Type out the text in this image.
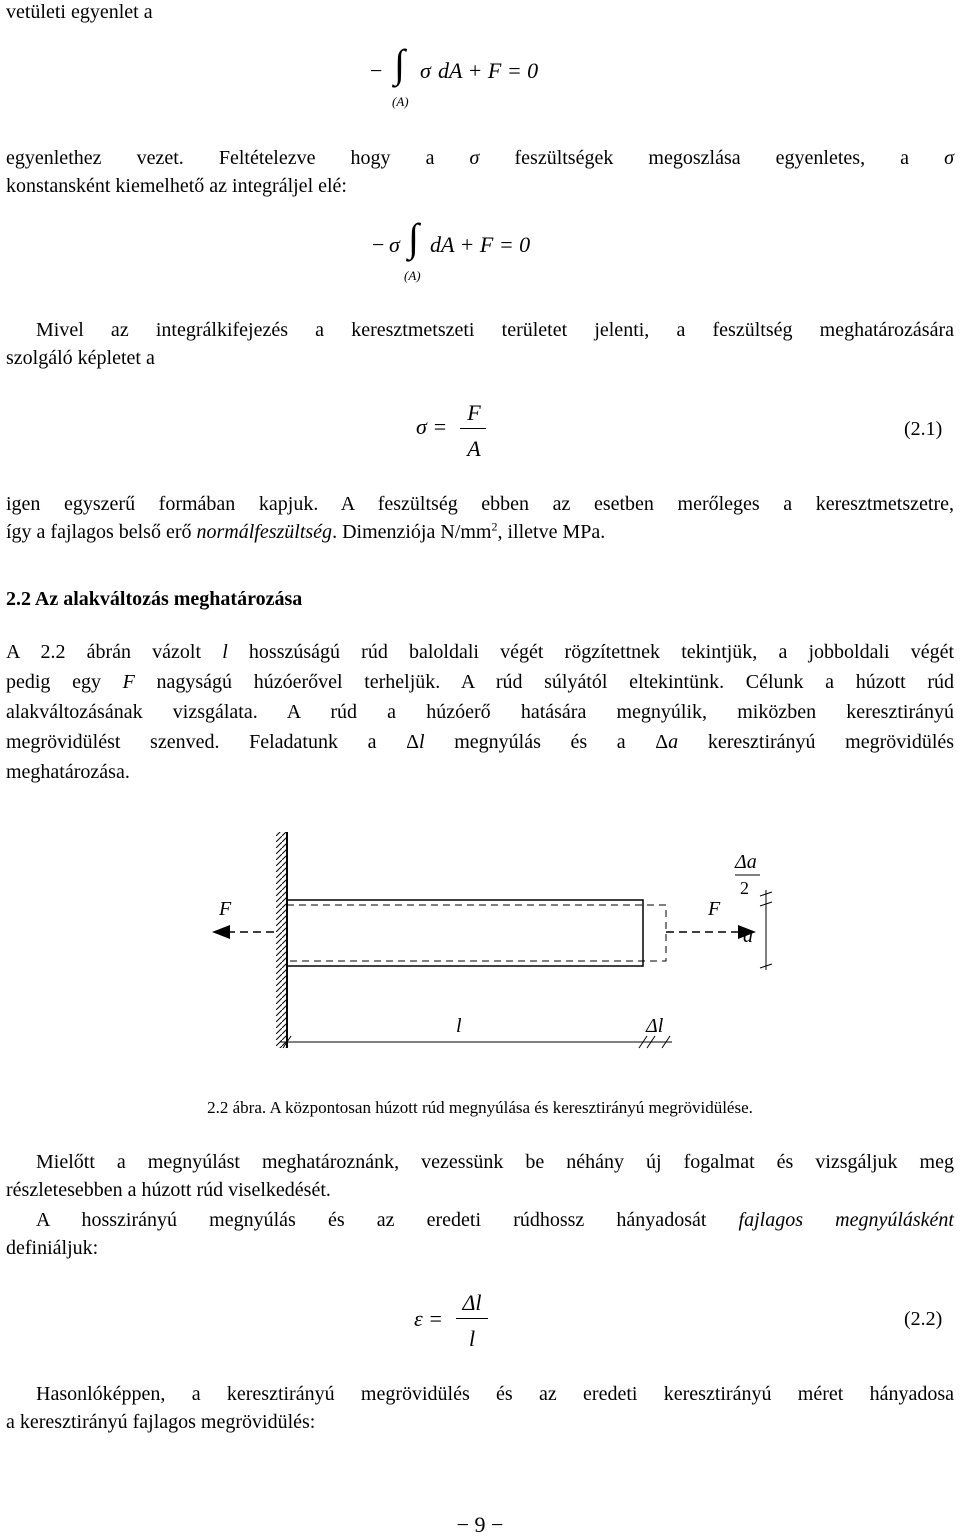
vetületi egyenlet a
− ∫ σ dA + F = 0
(A)
egyenlethez vezet. Feltételezve hogy a σ feszültségek megoszlása egyenletes, a σ
konstansként kiemelhető az integráljel elé:
− σ ∫ dA + F = 0
(A)
Mivel az integrálkifejezés a keresztmetszeti területet jelenti, a feszültség meghatározására
szolgáló képletet a
σ =
F
A
(2.1)
igen egyszerű formában kapjuk. A feszültség ebben az esetben merőleges a keresztmetszetre,
így a fajlagos belső erő normálfeszültség. Dimenziója $N/mm^2$, illetve MPa.
2.2 Az alakváltozás meghatározása
A 2.2 ábrán vázolt l hosszúságú rúd baloldali végét rögzítettnek tekintjük, a jobboldali végét
pedig egy F nagyságú húzóerővel terheljük. A rúd súlyától eltekintünk. Célunk a húzott rúd
alakváltozásának vizsgálata. A rúd a húzóerő hatására megnyúlik, miközben keresztirányú
megrövidülést szenved. Feladatunk a Δl megnyúlás és a Δa keresztirányú megrövidülés
meghatározása.
F	F
a
Δa
2
l	Δl
2.2 ábra. A központosan húzott rúd megnyúlása és keresztirányú megrövidülése.
Mielőtt a megnyúlást meghatároznánk, vezessünk be néhány új fogalmat és vizsgáljuk meg
részletesebben a húzott rúd viselkedését.
A hosszirányú megnyúlás és az eredeti rúdhossz hányadosát fajlagos megnyúlásként
definiáljuk:
ε =
Δl
l
(2.2)
Hasonlóképpen, a keresztirányú megrövidülés és az eredeti keresztirányú méret hányadosa
a keresztirányú fajlagos megrövidülés:
− 9 −
